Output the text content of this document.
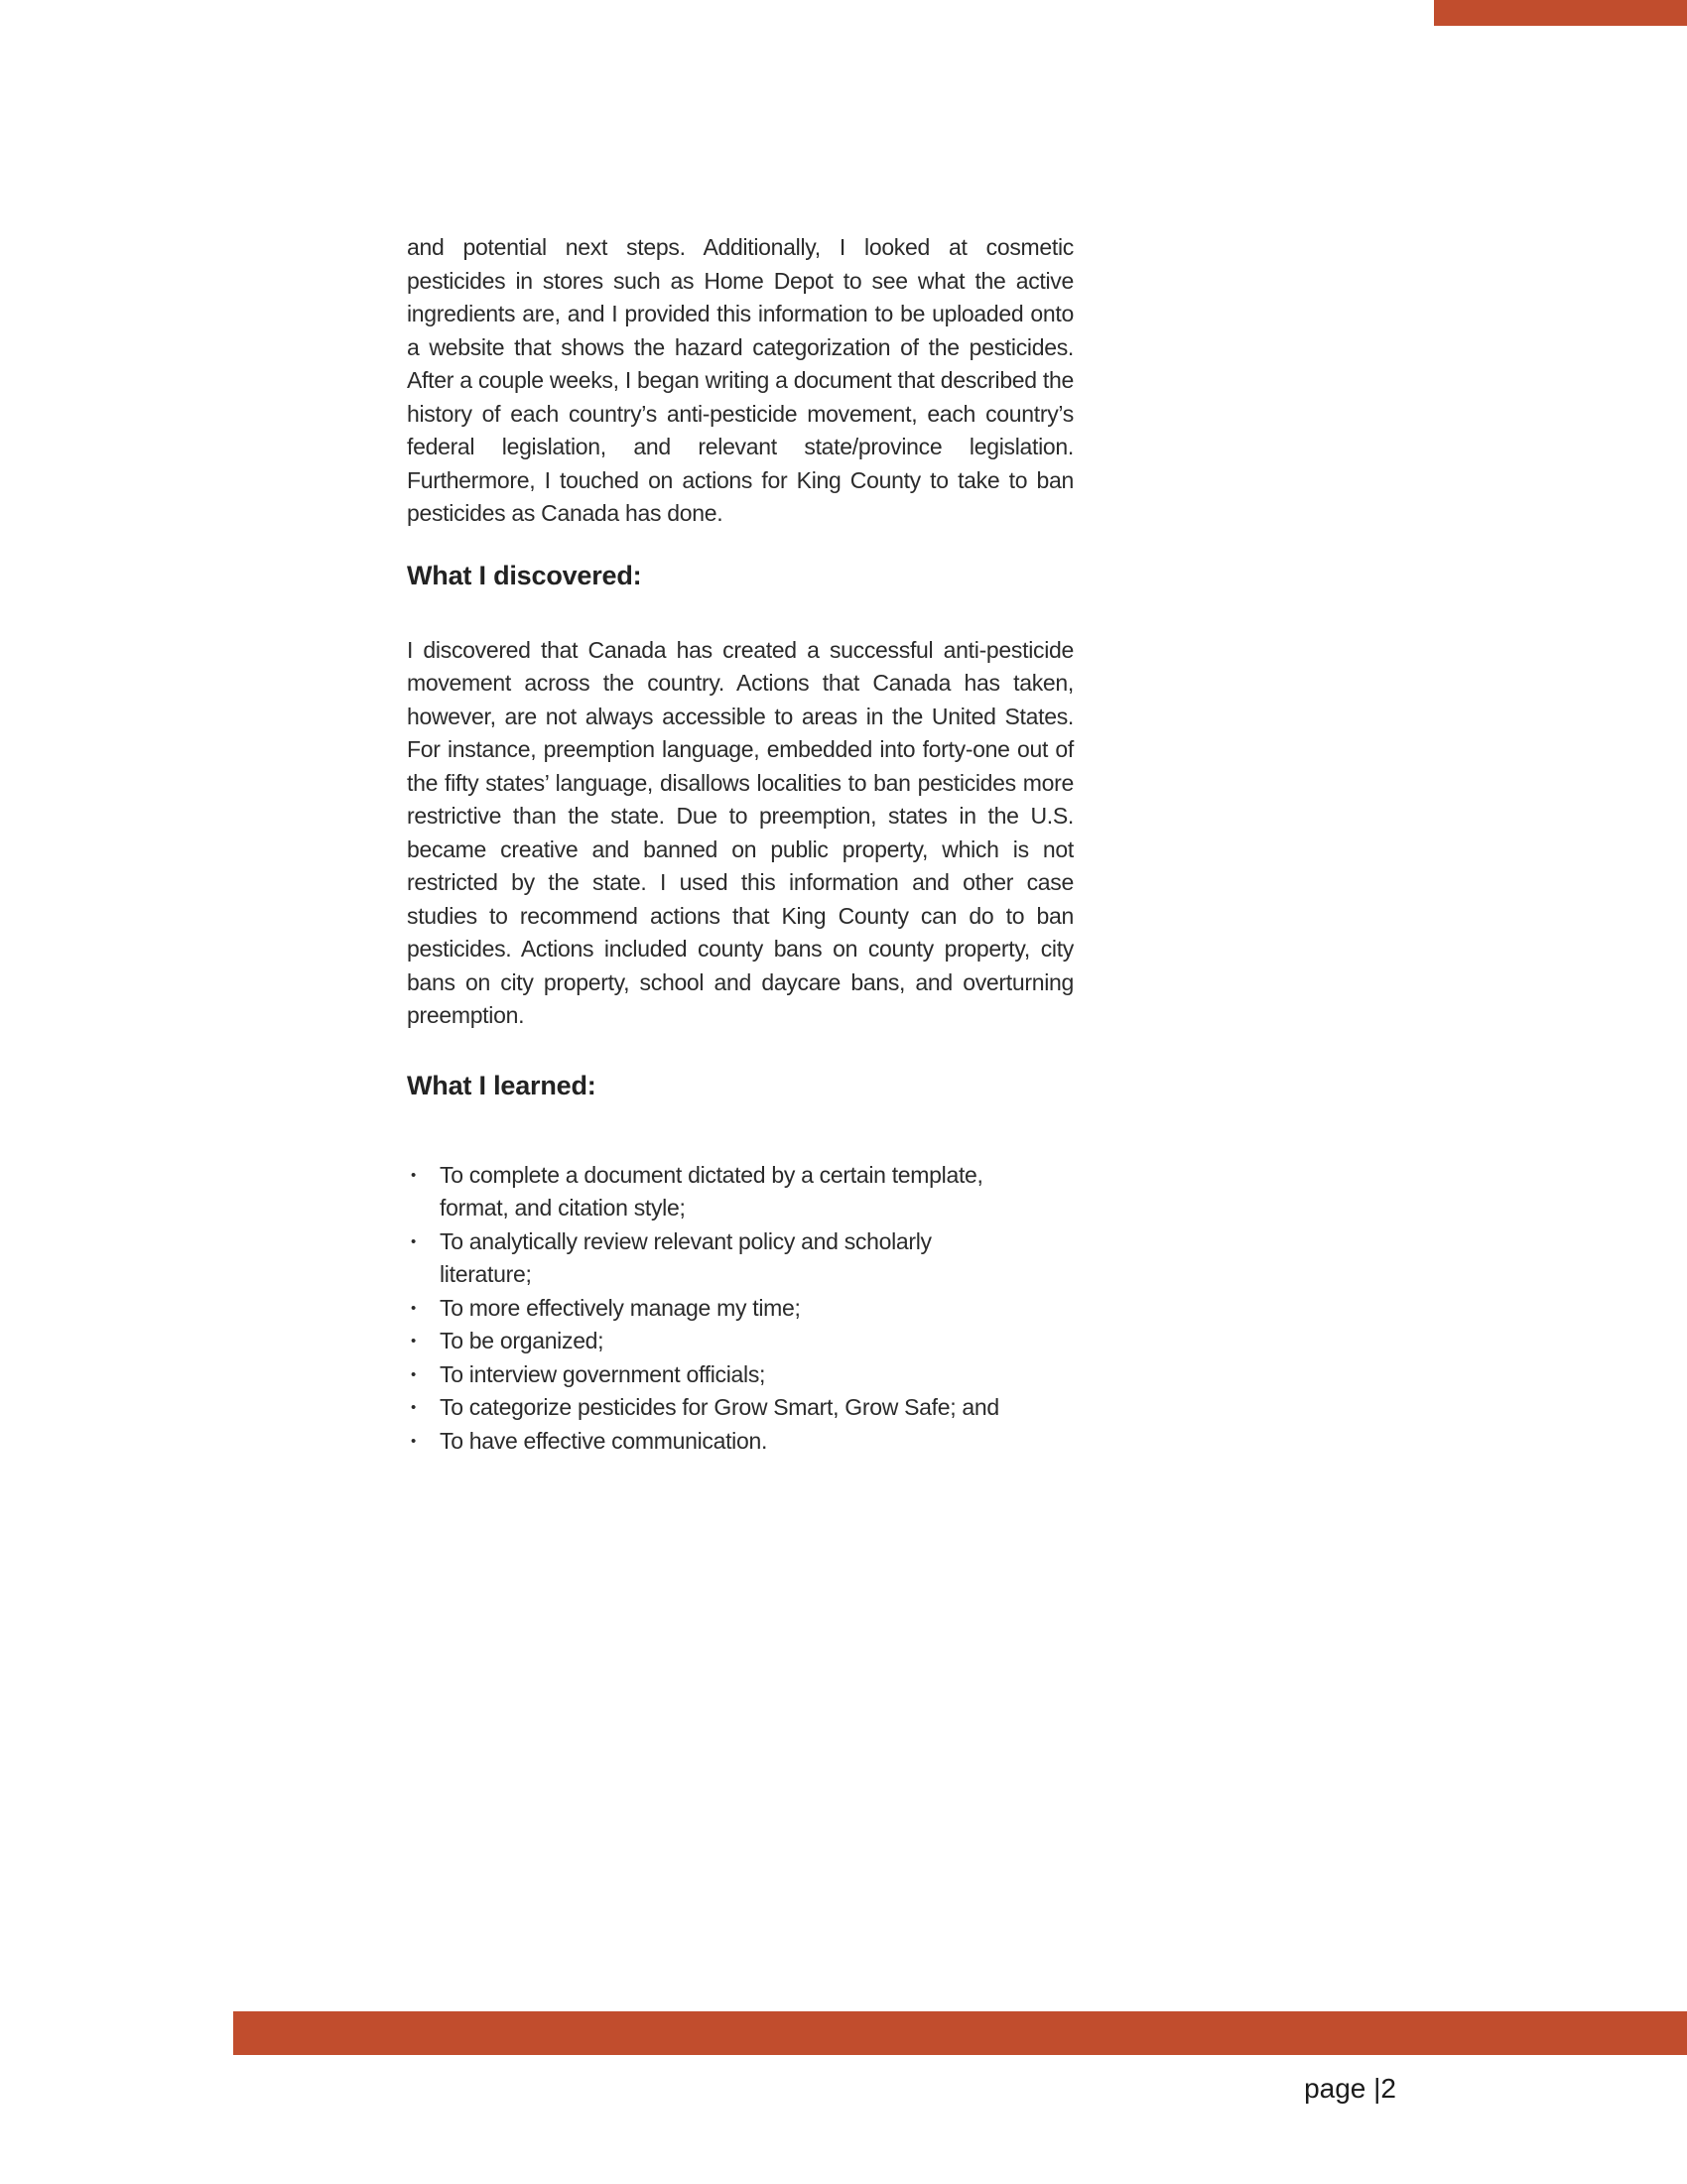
and potential next steps. Additionally, I looked at cosmetic pesticides in stores such as Home Depot to see what the active ingredients are, and I provided this information to be uploaded onto a website that shows the hazard categorization of the pesticides. After a couple weeks, I began writing a document that described the history of each country’s anti-pesticide movement, each country’s federal legislation, and relevant state/province legislation. Furthermore, I touched on actions for King County to take to ban pesticides as Canada has done.

What I discovered:

I discovered that Canada has created a successful anti-pesticide movement across the country. Actions that Canada has taken, however, are not always accessible to areas in the United States. For instance, preemption language, embedded into forty-one out of the fifty states’ language, disallows localities to ban pesticides more restrictive than the state. Due to preemption, states in the U.S. became creative and banned on public property, which is not restricted by the state. I used this information and other case studies to recommend actions that King County can do to ban pesticides. Actions included county bans on county property, city bans on city property, school and daycare bans, and overturning preemption.

What I learned:
•	To complete a document dictated by a certain template, format, and citation style;
•	To analytically review relevant policy and scholarly literature;
•	To more effectively manage my time;
•	To be organized;
•	To interview government officials;
•	To categorize pesticides for Grow Smart, Grow Safe; and
•	To have effective communication.
page |2
